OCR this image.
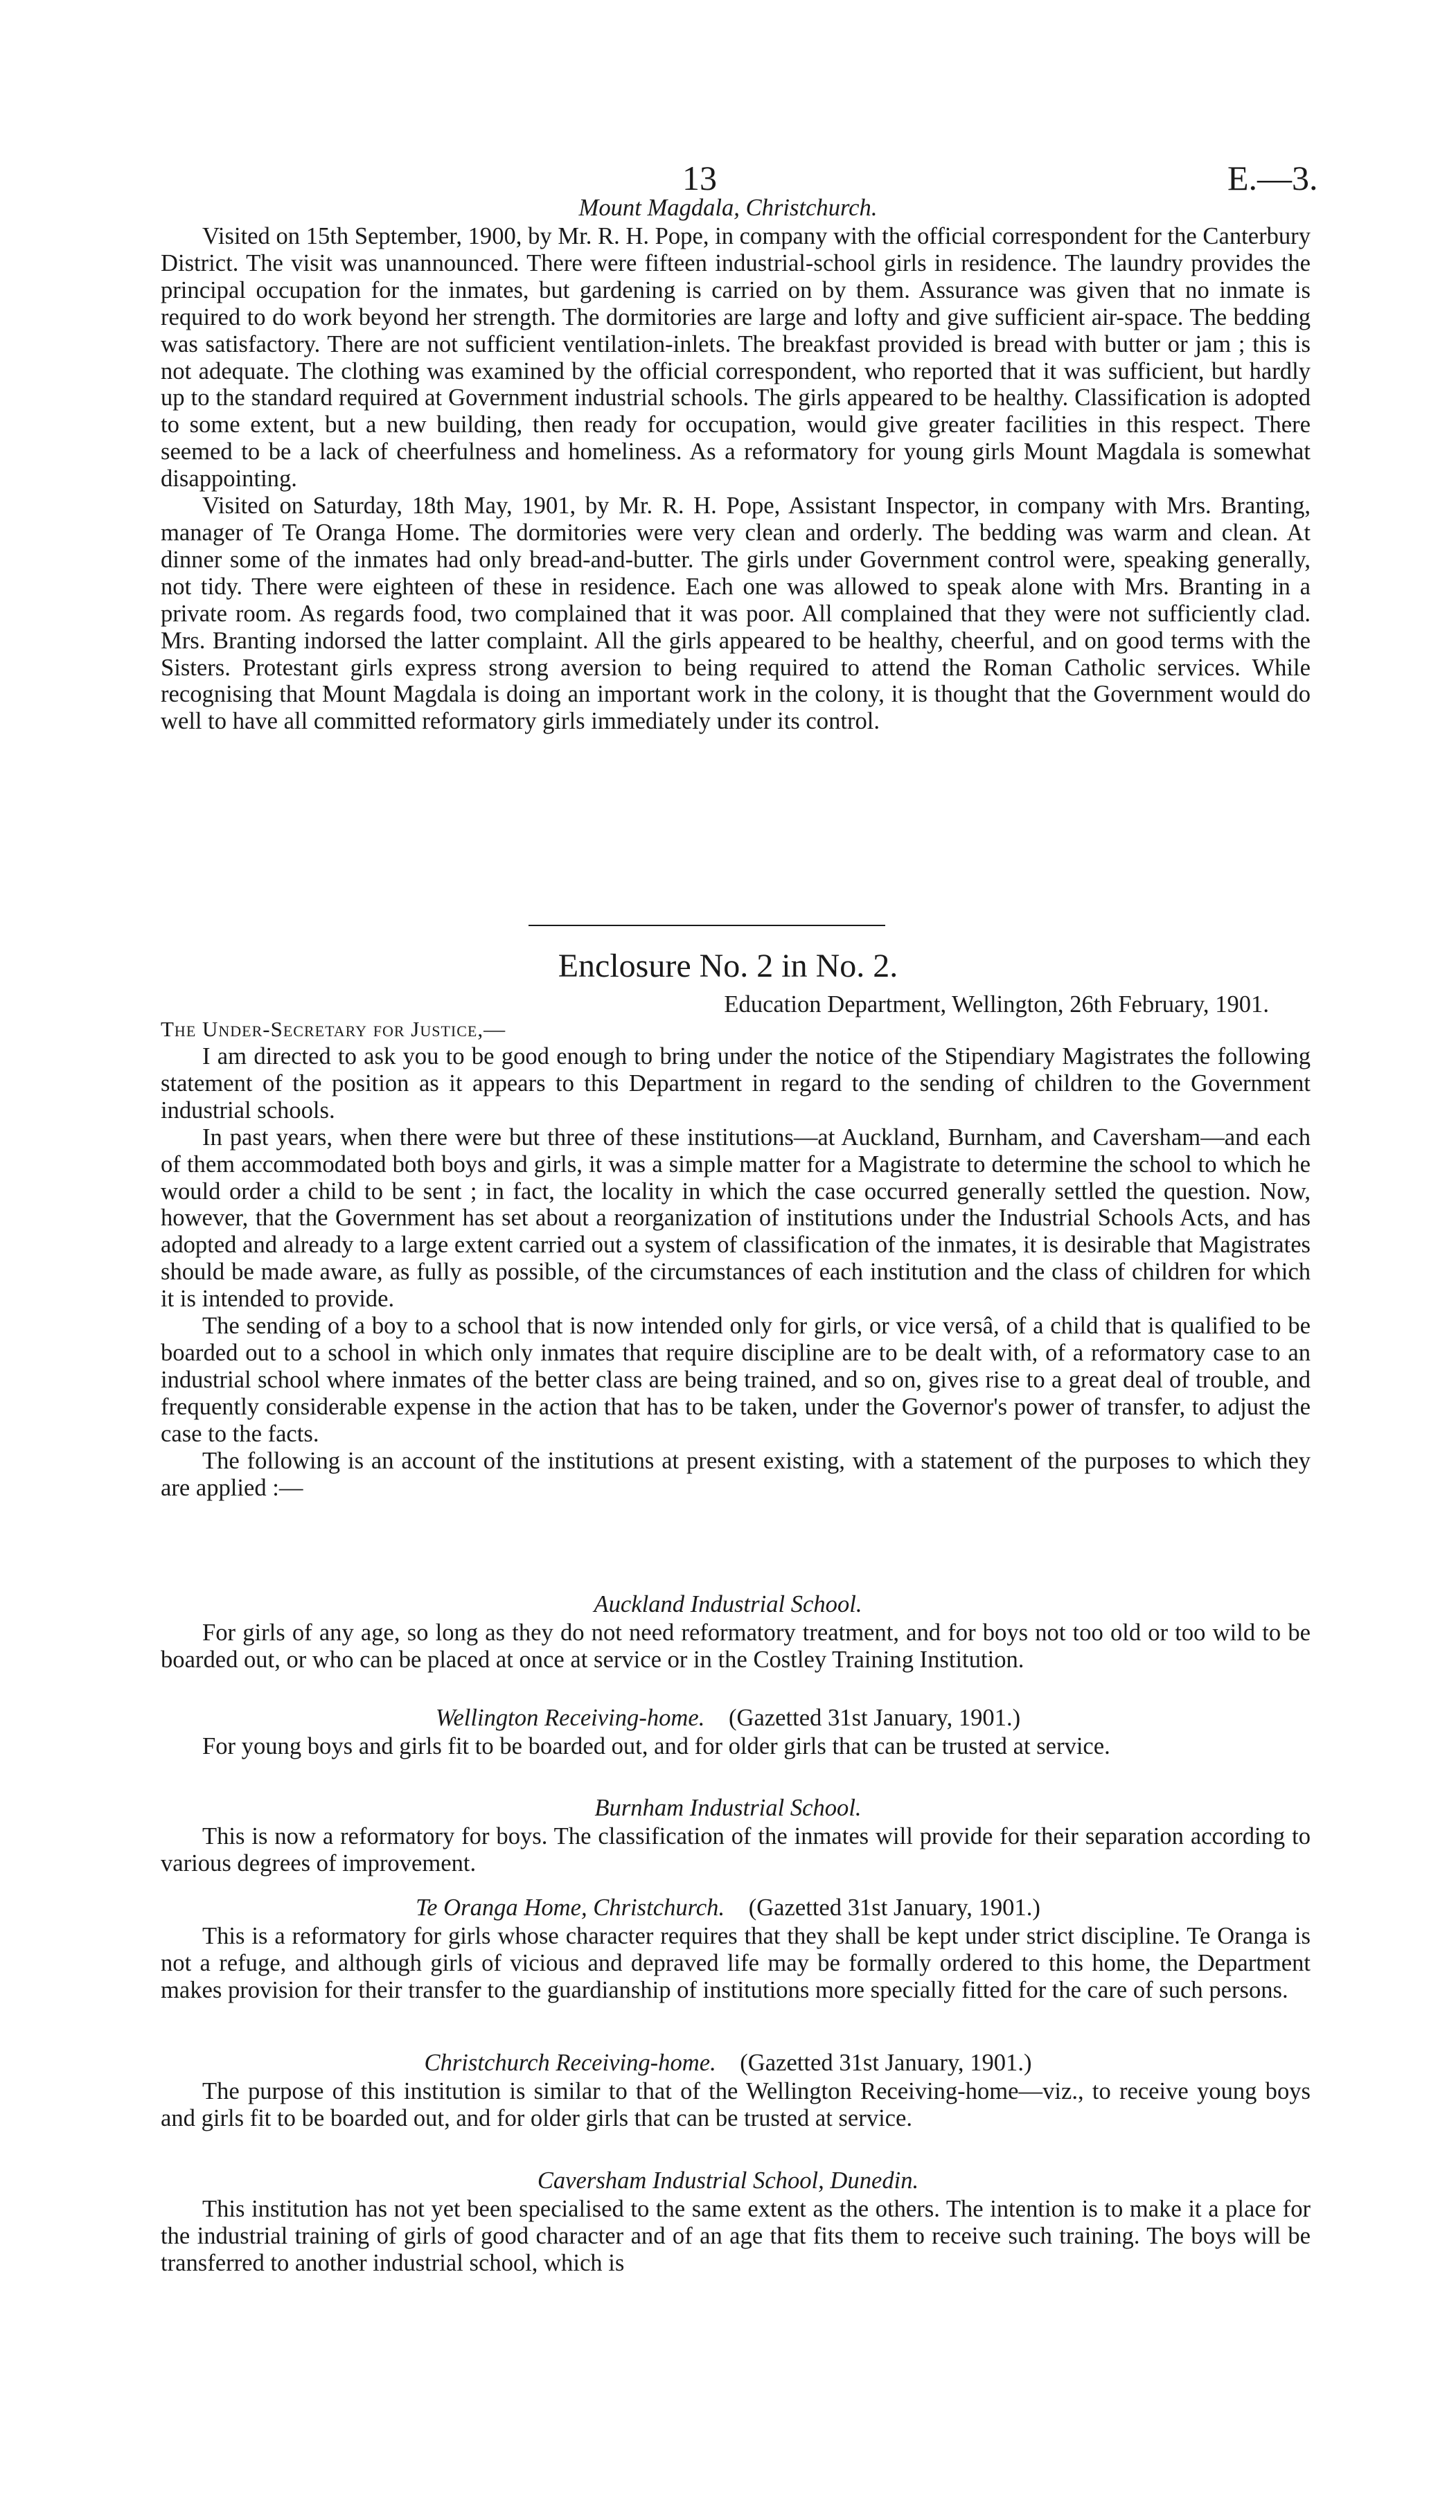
13	E.—3.
Mount Magdala, Christchurch.

Visited on 15th September, 1900, by Mr. R. H. Pope, in company with the official correspondent for the Canterbury District. The visit was unannounced. There were fifteen industrial-school girls in residence. The laundry provides the principal occupation for the inmates, but gardening is carried on by them. Assurance was given that no inmate is required to do work beyond her strength. The dormitories are large and lofty and give sufficient air-space. The bedding was satisfactory. There are not sufficient ventilation-inlets. The breakfast provided is bread with butter or jam ; this is not adequate. The clothing was examined by the official correspondent, who reported that it was sufficient, but hardly up to the standard required at Government industrial schools. The girls appeared to be healthy. Classification is adopted to some extent, but a new building, then ready for occupation, would give greater facilities in this respect. There seemed to be a lack of cheerfulness and homeliness. As a reformatory for young girls Mount Magdala is somewhat disappointing.

Visited on Saturday, 18th May, 1901, by Mr. R. H. Pope, Assistant Inspector, in company with Mrs. Branting, manager of Te Oranga Home. The dormitories were very clean and orderly. The bedding was warm and clean. At dinner some of the inmates had only bread-and-butter. The girls under Government control were, speaking generally, not tidy. There were eighteen of these in residence. Each one was allowed to speak alone with Mrs. Branting in a private room. As regards food, two complained that it was poor. All complained that they were not sufficiently clad. Mrs. Branting indorsed the latter complaint. All the girls appeared to be healthy, cheerful, and on good terms with the Sisters. Protestant girls express strong aversion to being required to attend the Roman Catholic services. While recognising that Mount Magdala is doing an important work in the colony, it is thought that the Government would do well to have all committed reformatory girls immediately under its control.

Enclosure No. 2 in No. 2.
Education Department, Wellington, 26th February, 1901.
The Under-Secretary for Justice,—

I am directed to ask you to be good enough to bring under the notice of the Stipendiary Magistrates the following statement of the position as it appears to this Department in regard to the sending of children to the Government industrial schools.

In past years, when there were but three of these institutions—at Auckland, Burnham, and Caversham—and each of them accommodated both boys and girls, it was a simple matter for a Magistrate to determine the school to which he would order a child to be sent ; in fact, the locality in which the case occurred generally settled the question. Now, however, that the Government has set about a reorganization of institutions under the Industrial Schools Acts, and has adopted and already to a large extent carried out a system of classification of the inmates, it is desirable that Magistrates should be made aware, as fully as possible, of the circumstances of each institution and the class of children for which it is intended to provide.

The sending of a boy to a school that is now intended only for girls, or vice versâ, of a child that is qualified to be boarded out to a school in which only inmates that require discipline are to be dealt with, of a reformatory case to an industrial school where inmates of the better class are being trained, and so on, gives rise to a great deal of trouble, and frequently considerable expense in the action that has to be taken, under the Governor's power of transfer, to adjust the case to the facts.

The following is an account of the institutions at present existing, with a statement of the purposes to which they are applied :—

Auckland Industrial School.

For girls of any age, so long as they do not need reformatory treatment, and for boys not too old or too wild to be boarded out, or who can be placed at once at service or in the Costley Training Institution.

Wellington Receiving-home. (Gazetted 31st January, 1901.)

For young boys and girls fit to be boarded out, and for older girls that can be trusted at service.

Burnham Industrial School.

This is now a reformatory for boys. The classification of the inmates will provide for their separation according to various degrees of improvement.

Te Oranga Home, Christchurch. (Gazetted 31st January, 1901.)

This is a reformatory for girls whose character requires that they shall be kept under strict discipline. Te Oranga is not a refuge, and although girls of vicious and depraved life may be formally ordered to this home, the Department makes provision for their transfer to the guardianship of institutions more specially fitted for the care of such persons.

Christchurch Receiving-home. (Gazetted 31st January, 1901.)

The purpose of this institution is similar to that of the Wellington Receiving-home—viz., to receive young boys and girls fit to be boarded out, and for older girls that can be trusted at service.

Caversham Industrial School, Dunedin.

This institution has not yet been specialised to the same extent as the others. The intention is to make it a place for the industrial training of girls of good character and of an age that fits them to receive such training. The boys will be transferred to another industrial school, which is
